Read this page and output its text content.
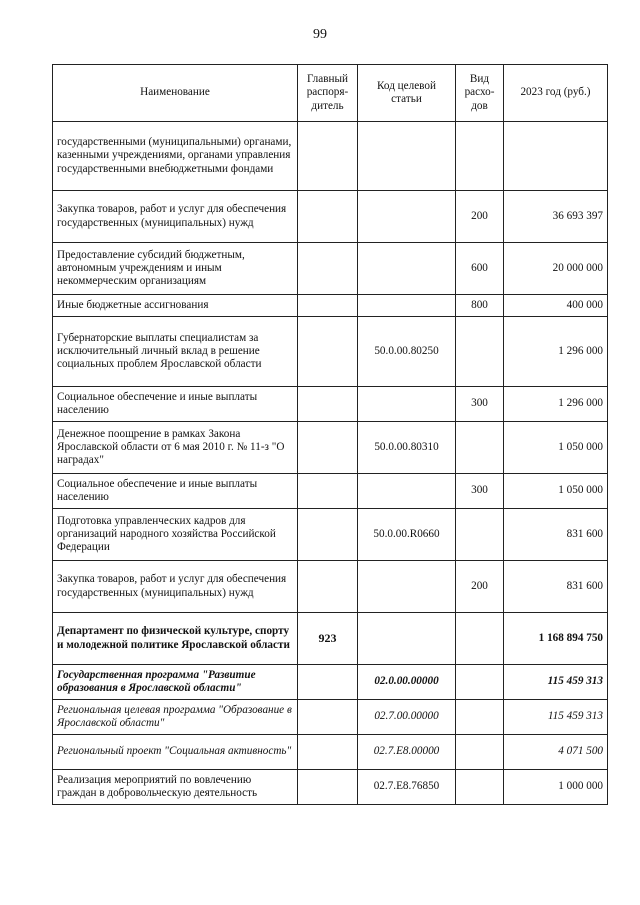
99
Наименование	Главный распоря-дитель	Код целевой статьи	Вид расхо-дов	2023 год (руб.)
государственными (муниципальными) органами, казенными учреждениями, органами управления государственными внебюджетными фондами				
Закупка товаров, работ и услуг для обеспечения государственных (муниципальных) нужд			200	36 693 397
Предоставление субсидий бюджетным, автономным учреждениям и иным некоммерческим организациям			600	20 000 000
Иные бюджетные ассигнования			800	400 000
Губернаторские выплаты специалистам за исключительный личный вклад в решение социальных проблем Ярославской области		50.0.00.80250		1 296 000
Социальное обеспечение и иные выплаты населению			300	1 296 000
Денежное поощрение в рамках Закона Ярославской области от 6 мая 2010 г. № 11-з "О наградах"		50.0.00.80310		1 050 000
Социальное обеспечение и иные выплаты населению			300	1 050 000
Подготовка управленческих кадров для организаций народного хозяйства Российской Федерации		50.0.00.R0660		831 600
Закупка товаров, работ и услуг для обеспечения государственных (муниципальных) нужд			200	831 600
Департамент по физической культуре, спорту и молодежной политике Ярославской области	923			1 168 894 750
Государственная программа "Развитие образования в Ярославской области"		02.0.00.00000		115 459 313
Региональная целевая программа "Образование в Ярославской области"		02.7.00.00000		115 459 313
Региональный проект "Социальная активность"		02.7.E8.00000		4 071 500
Реализация мероприятий по вовлечению граждан в добровольческую деятельность		02.7.E8.76850		1 000 000
